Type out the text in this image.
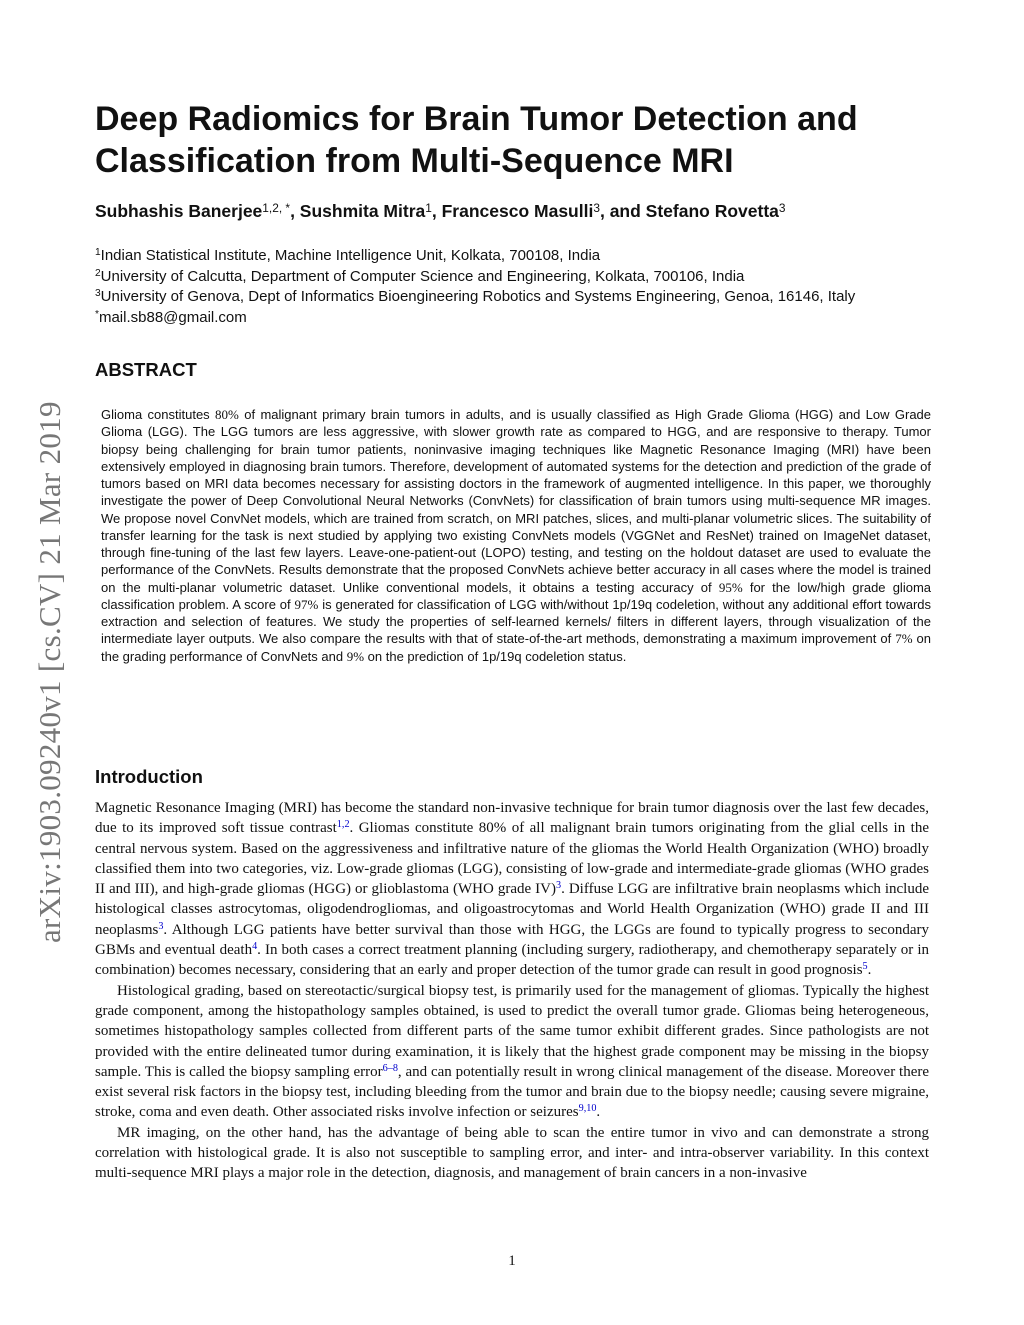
arXiv:1903.09240v1 [cs.CV] 21 Mar 2019
Deep Radiomics for Brain Tumor Detection and
Classification from Multi-Sequence MRI
Subhashis Banerjee$^{1,2, *}$, Sushmita Mitra$^1$, Francesco Masulli$^3$, and Stefano Rovetta$^3$
$^1$Indian Statistical Institute, Machine Intelligence Unit, Kolkata, 700108, India
$^2$University of Calcutta, Department of Computer Science and Engineering, Kolkata, 700106, India
$^3$University of Genova, Dept of Informatics Bioengineering Robotics and Systems Engineering, Genoa, 16146, Italy
*mail.sb88@gmail.com
ABSTRACT

Glioma constitutes 80% of malignant primary brain tumors in adults, and is usually classified as High Grade Glioma (HGG) and Low Grade Glioma (LGG). The LGG tumors are less aggressive, with slower growth rate as compared to HGG, and are responsive to therapy. Tumor biopsy being challenging for brain tumor patients, noninvasive imaging techniques like Magnetic Resonance Imaging (MRI) have been extensively employed in diagnosing brain tumors. Therefore, development of automated systems for the detection and prediction of the grade of tumors based on MRI data becomes necessary for assisting doctors in the framework of augmented intelligence. In this paper, we thoroughly investigate the power of Deep Convolutional Neural Networks (ConvNets) for classification of brain tumors using multi-sequence MR images. We propose novel ConvNet models, which are trained from scratch, on MRI patches, slices, and multi-planar volumetric slices. The suitability of transfer learning for the task is next studied by applying two existing ConvNets models (VGGNet and ResNet) trained on ImageNet dataset, through fine-tuning of the last few layers. Leave-one-patient-out (LOPO) testing, and testing on the holdout dataset are used to evaluate the performance of the ConvNets. Results demonstrate that the proposed ConvNets achieve better accuracy in all cases where the model is trained on the multi-planar volumetric dataset. Unlike conventional models, it obtains a testing accuracy of 95% for the low/high grade glioma classification problem. A score of 97% is generated for classification of LGG with/without 1p/19q codeletion, without any additional effort towards extraction and selection of features. We study the properties of self-learned kernels/ filters in different layers, through visualization of the intermediate layer outputs. We also compare the results with that of state-of-the-art methods, demonstrating a maximum improvement of 7% on the grading performance of ConvNets and 9% on the prediction of 1p/19q codeletion status.

Introduction

Magnetic Resonance Imaging (MRI) has become the standard non-invasive technique for brain tumor diagnosis over the last few decades, due to its improved soft tissue contrast$^{1,2}$. Gliomas constitute 80% of all malignant brain tumors originating from the glial cells in the central nervous system. Based on the aggressiveness and infiltrative nature of the gliomas the World Health Organization (WHO) broadly classified them into two categories, viz. Low-grade gliomas (LGG), consisting of low-grade and intermediate-grade gliomas (WHO grades II and III), and high-grade gliomas (HGG) or glioblastoma (WHO grade IV)$^3$. Diffuse LGG are infiltrative brain neoplasms which include histological classes astrocytomas, oligodendrogliomas, and oligoastrocytomas and World Health Organization (WHO) grade II and III neoplasms$^3$. Although LGG patients have better survival than those with HGG, the LGGs are found to typically progress to secondary GBMs and eventual death$^4$. In both cases a correct treatment planning (including surgery, radiotherapy, and chemotherapy separately or in combination) becomes necessary, considering that an early and proper detection of the tumor grade can result in good prognosis$^5$.

Histological grading, based on stereotactic/surgical biopsy test, is primarily used for the management of gliomas. Typically the highest grade component, among the histopathology samples obtained, is used to predict the overall tumor grade. Gliomas being heterogeneous, sometimes histopathology samples collected from different parts of the same tumor exhibit different grades. Since pathologists are not provided with the entire delineated tumor during examination, it is likely that the highest grade component may be missing in the biopsy sample. This is called the biopsy sampling error$^{6-8}$, and can potentially result in wrong clinical management of the disease. Moreover there exist several risk factors in the biopsy test, including bleeding from the tumor and brain due to the biopsy needle; causing severe migraine, stroke, coma and even death. Other associated risks involve infection or seizures$^{9,10}$.

MR imaging, on the other hand, has the advantage of being able to scan the entire tumor in vivo and can demonstrate a strong correlation with histological grade. It is also not susceptible to sampling error, and inter- and intra-observer variability. In this context multi-sequence MRI plays a major role in the detection, diagnosis, and management of brain cancers in a non-invasive

1
